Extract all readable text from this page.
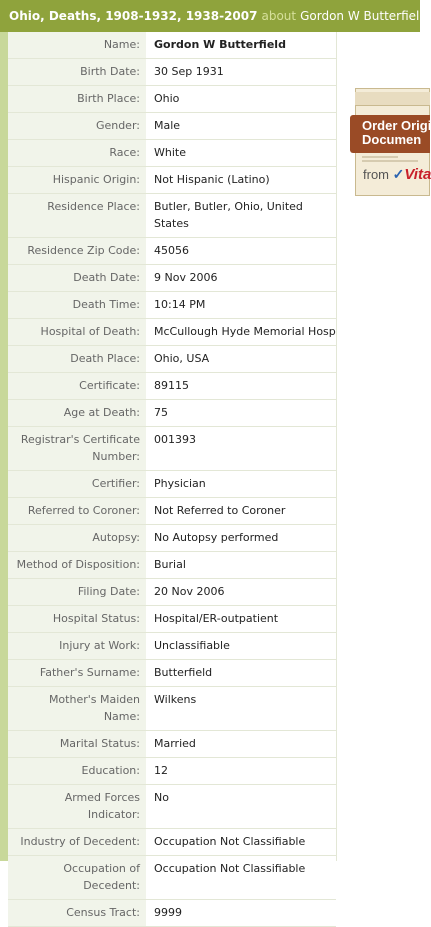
Ohio, Deaths, 1908-1932, 1938-2007 about Gordon W Butterfield
Name:	Gordon W Butterfield
Birth Date:	30 Sep 1931
Birth Place:	Ohio
Gender:	Male
Race:	White
Hispanic Origin:	Not Hispanic (Latino)
Residence Place:	Butler, Butler, Ohio, United States
Residence Zip Code:	45056
Death Date:	9 Nov 2006
Death Time:	10:14 PM
Hospital of Death:	McCullough Hyde Memorial Hosp
Death Place:	Ohio, USA
Certificate:	89115
Age at Death:	75
Registrar's Certificate Number:
001393
Certifier:	Physician
Referred to Coroner:	Not Referred to Coroner
Autopsy:	No Autopsy performed
Method of Disposition:	Burial
Filing Date:	20 Nov 2006
Hospital Status:	Hospital/ER-outpatient
Injury at Work:	Unclassifiable
Father's Surname:	Butterfield
Mother's Maiden Name:
Wilkens
Marital Status:	Married
Education:	12
Armed Forces Indicator:
No
Industry of Decedent:	Occupation Not Classifiable
Occupation of Decedent:
Occupation Not Classifiable
Census Tract:	9999
Order Origi
Documen
from ✓Vita
